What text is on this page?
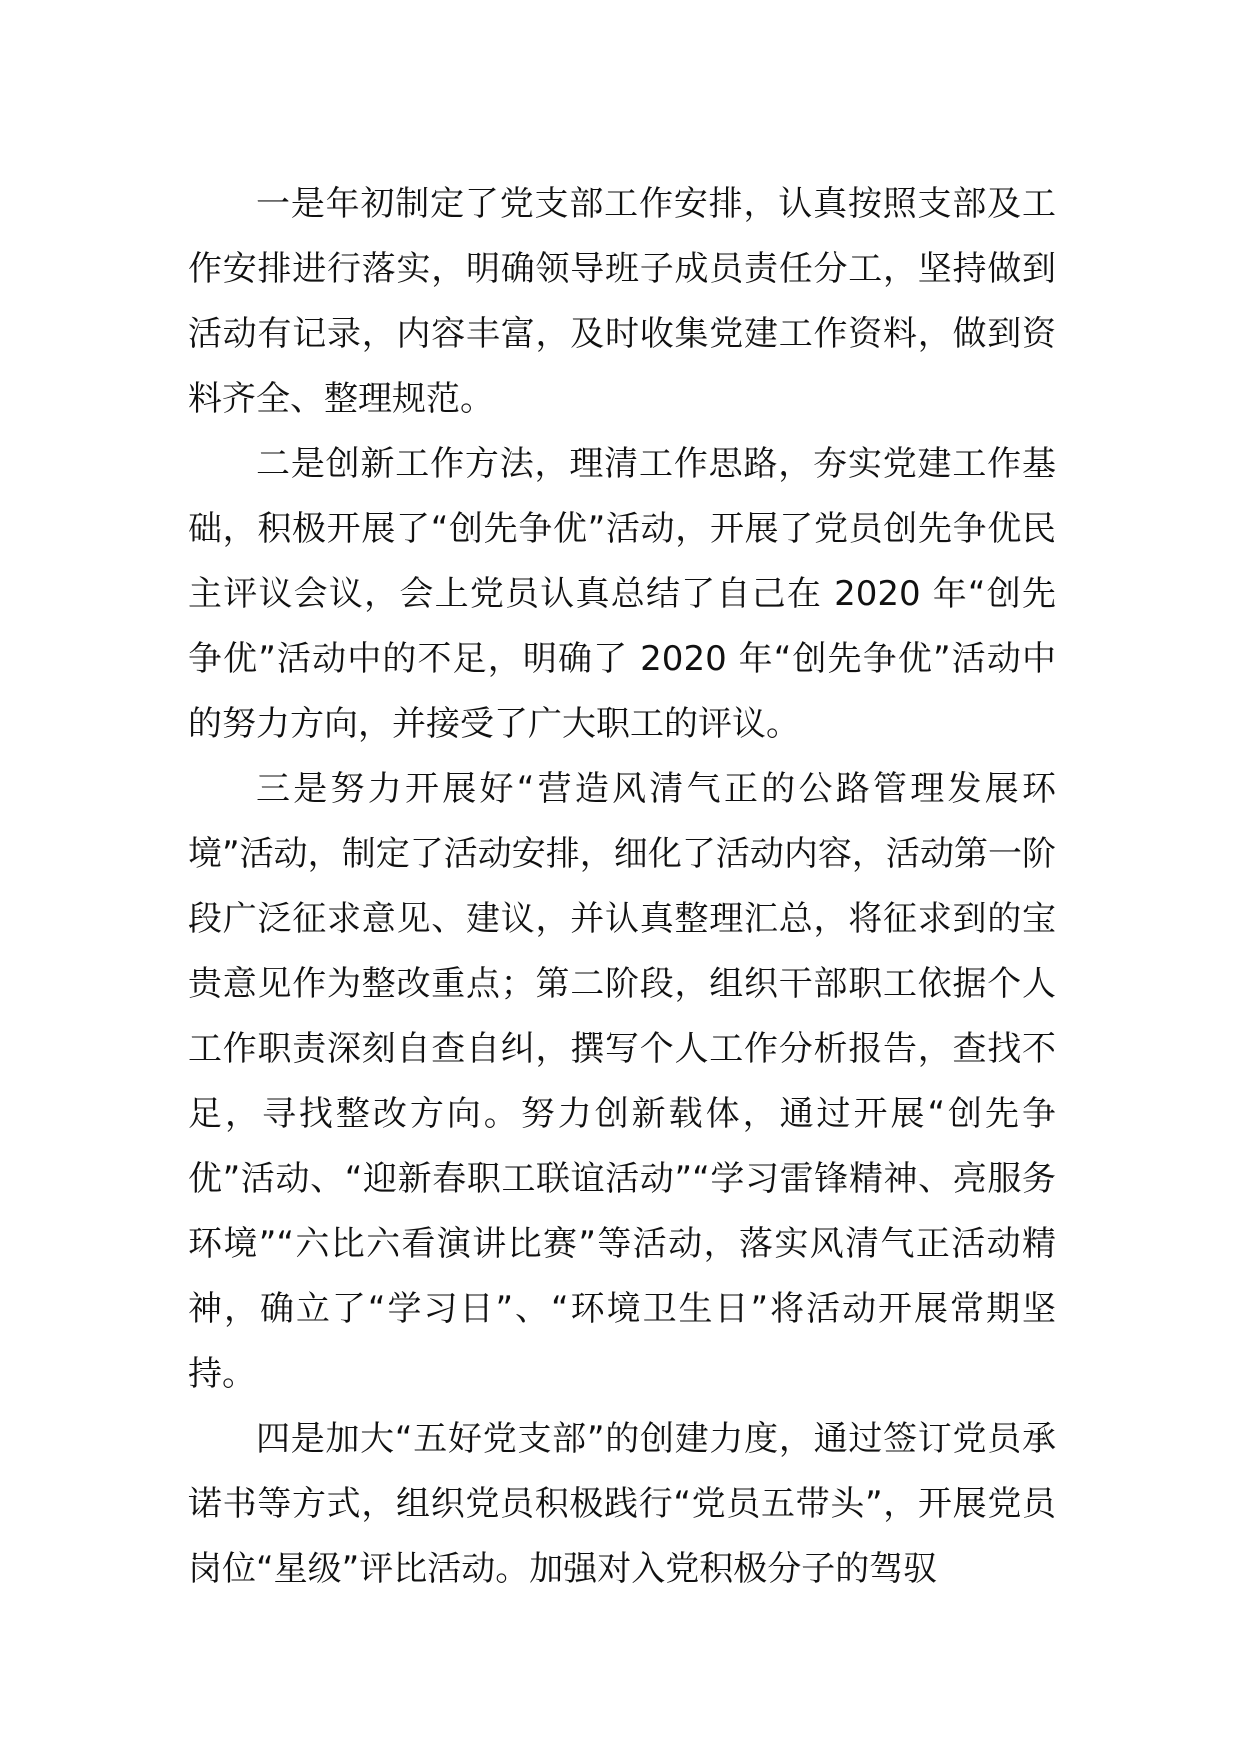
一是年初制定了党支部工作安排，认真按照支部及工作安排进行落实，明确领导班子成员责任分工，坚持做到活动有记录，内容丰富，及时收集党建工作资料，做到资料齐全、整理规范。

二是创新工作方法，理清工作思路，夯实党建工作基础，积极开展了“创先争优”活动，开展了党员创先争优民主评议会议，会上党员认真总结了自己在 2020 年“创先争优”活动中的不足，明确了 2020 年“创先争优”活动中的努力方向，并接受了广大职工的评议。

三是努力开展好“营造风清气正的公路管理发展环境”活动，制定了活动安排，细化了活动内容，活动第一阶段广泛征求意见、建议，并认真整理汇总，将征求到的宝贵意见作为整改重点；第二阶段，组织干部职工依据个人工作职责深刻自查自纠，撰写个人工作分析报告，查找不足，寻找整改方向。努力创新载体，通过开展“创先争优”活动、“迎新春职工联谊活动”“学习雷锋精神、亮服务环境”“六比六看演讲比赛”等活动，落实风清气正活动精神，确立了“学习日”、“环境卫生日”将活动开展常期坚持。

四是加大“五好党支部”的创建力度，通过签订党员承诺书等方式，组织党员积极践行“党员五带头”，开展党员岗位“星级”评比活动。加强对入党积极分子的驾驭
